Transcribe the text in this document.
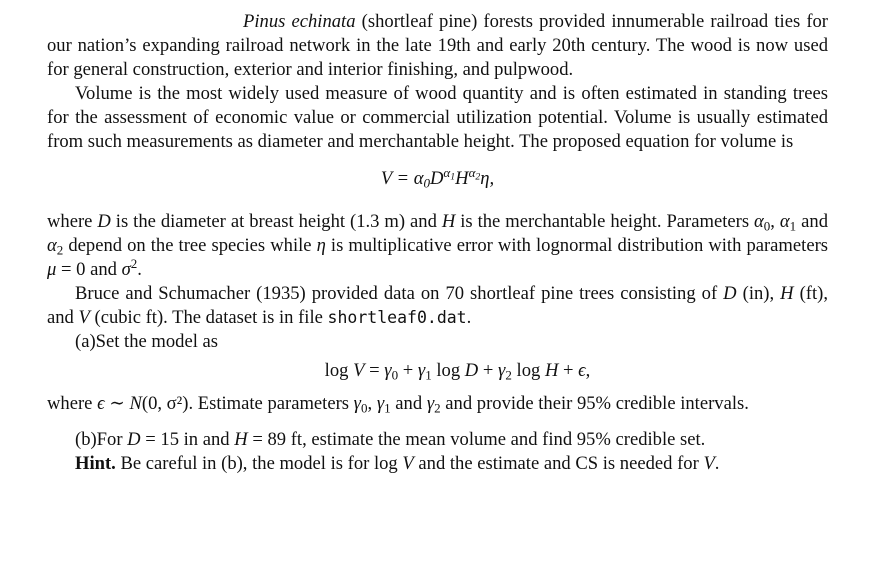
Pinus echinata (shortleaf pine) forests provided innumerable railroad ties for our nation’s expanding railroad network in the late 19th and early 20th century. The wood is now used for general construction, exterior and interior finishing, and pulpwood.

Volume is the most widely used measure of wood quantity and is often estimated in standing trees for the assessment of economic value or commercial utilization potential. Volume is usually estimated from such measurements as diameter and merchantable height. The proposed equation for volume is

$V = \alpha_0D^{\alpha_1}H^{\alpha_2}\eta$,

where D is the diameter at breast height (1.3 m) and H is the merchantable height. Parameters $\alpha_0$, $\alpha_1$ and $\alpha_2$ depend on the tree species while η is multiplicative error with lognormal distribution with parameters μ = 0 and $\sigma^2$.

Bruce and Schumacher (1935) provided data on 70 shortleaf pine trees consisting of D (in), H (ft), and V (cubic ft). The dataset is in file shortleaf0.dat.

(a)Set the model as

$\log V = \gamma_0 + \gamma_1$ $\log D + \gamma_2$ log H + ϵ,

where ϵ ∼ N(0, σ²). Estimate parameters $\gamma_0$, $\gamma_1$ and $\gamma_2$ and provide their 95% credible intervals.

(b)For D = 15 in and H = 89 ft, estimate the mean volume and find 95% credible set.

Hint. Be careful in (b), the model is for log V and the estimate and CS is needed for V.
